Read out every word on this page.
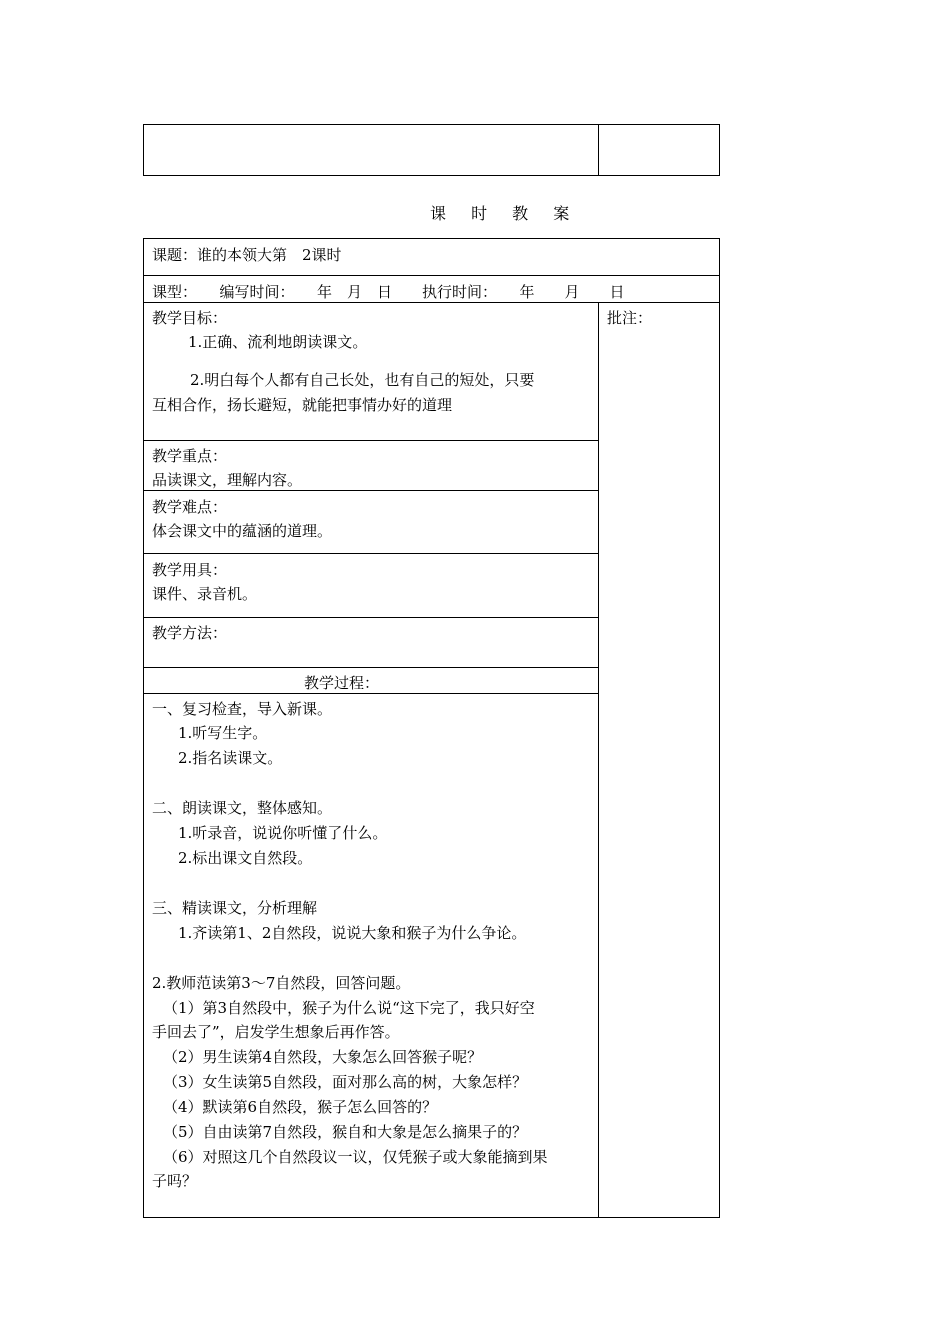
课 时 教 案
课题：谁的本领大第　2课时
课型：　　编写时间：　　年　月　日　　执行时间：　　年　　月　　日
批注：
教学目标：
1.正确、流利地朗读课文。
2.明白每个人都有自己长处，也有自己的短处，只要
互相合作，扬长避短，就能把事情办好的道理
教学重点：
品读课文，理解内容。
教学难点：
体会课文中的蕴涵的道理。
教学用具：
课件、录音机。
教学方法：
教学过程：
一、复习检查，导入新课。
1.听写生字。
2.指名读课文。
二、朗读课文，整体感知。
1.听录音，说说你听懂了什么。
2.标出课文自然段。
三、精读课文，分析理解
1.齐读第1、2自然段，说说大象和猴子为什么争论。
2.教师范读第3～7自然段，回答问题。
（1）第3自然段中，猴子为什么说“这下完了，我只好空
手回去了”，启发学生想象后再作答。
（2）男生读第4自然段，大象怎么回答猴子呢？
（3）女生读第5自然段，面对那么高的树，大象怎样？
（4）默读第6自然段，猴子怎么回答的？
（5）自由读第7自然段，猴自和大象是怎么摘果子的？
（6）对照这几个自然段议一议，仅凭猴子或大象能摘到果
子吗？
